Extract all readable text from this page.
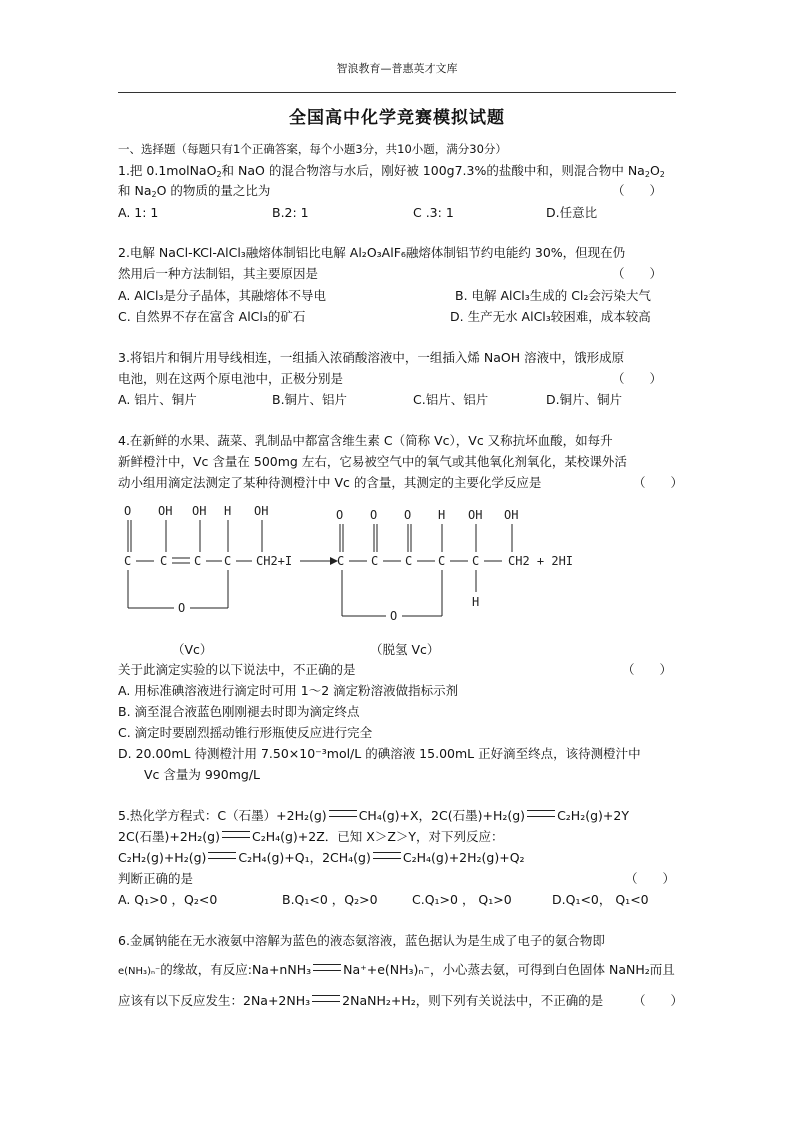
智浪教育—普惠英才文库
全国高中化学竞赛模拟试题
一、选择题（每题只有1个正确答案，每个小题3分，共10小题，满分30分）
1.把 0.1molNaO$_2$和 NaO 的混合物溶与水后，刚好被 100g7.3%的盐酸中和，则混合物中 $Na_2O_2$
和 $Na_2O$ 的物质的量之比为	（　　）
A. 1: 1	B.2: 1	C .3: 1	D.任意比
2.电解 NaCl-KCl-AlCl₃融熔体制铝比电解 Al₂O₃AlF₆融熔体制铝节约电能约 30%，但现在仍
然用后一种方法制铝，其主要原因是	（　　）
A. AlCl₃是分子晶体，其融熔体不导电	B. 电解 AlCl₃生成的 Cl₂会污染大气
C. 自然界不存在富含 AlCl₃的矿石	D. 生产无水 AlCl₃较困难，成本较高
3.将铝片和铜片用导线相连，一组插入浓硝酸溶液中，一组插入烯 NaOH 溶液中，饿形成原
电池，则在这两个原电池中，正极分别是	（　　）
A. 铝片、铜片	B.铜片、铝片	C.铝片、铝片	D.铜片、铜片
4.在新鲜的水果、蔬菜、乳制品中都富含维生素 C（简称 Vc），Vc 又称抗坏血酸，如每升
新鲜橙汁中，Vc 含量在 500mg 左右，它易被空气中的氧气或其他氧化剂氧化，某校课外活
动小组用滴定法测定了某种待测橙汁中 Vc 的含量，其测定的主要化学反应是	（　　）
O OH OH H OH
C C C C CH2+I
O
O O O H OH OH
C C C C C CH2 + 2HI
H
O
（Vc）	（脱氢 Vc）
关于此滴定实验的以下说法中，不正确的是	（　　）
A. 用标准碘溶液进行滴定时可用 1～2 滴定粉溶液做指标示剂
B. 滴至混合液蓝色刚刚褪去时即为滴定终点
C. 滴定时要剧烈摇动锥行形瓶使反应进行完全
D. 20.00mL 待测橙汁用 7.50×10⁻³mol/L 的碘溶液 15.00mL 正好滴至终点，该待测橙汁中
Vc 含量为 990mg/L
5.热化学方程式：C（石墨）+2H₂(g)	CH₄(g)+X，2C(石墨)+H₂(g)	C₂H₂(g)+2Y
2C(石墨)+2H₂(g)	C₂H₄(g)+2Z．已知 X＞Z＞Y，对下列反应：
C₂H₂(g)+H₂(g)	C₂H₄(g)+Q₁，2CH₄(g)	C₂H₄(g)+2H₂(g)+Q₂
判断正确的是	（　　）
A. Q₁>0 ，Q₂<0	B.Q₁<0 ，Q₂>0	C.Q₁>0 ， Q₁>0	D.Q₁<0， Q₁<0
6.金属钠能在无水液氨中溶解为蓝色的液态氨溶液，蓝色据认为是生成了电子的氨合物即
e(NH₃)ₙ⁻的缘故，有反应:Na+nNH₃	Na⁺+e(NH₃)ₙ⁻，小心蒸去氨，可得到白色固体 NaNH₂而且
应该有以下反应发生：2Na+2NH₃	2NaNH₂+H₂，则下列有关说法中，不正确的是 （　　）
